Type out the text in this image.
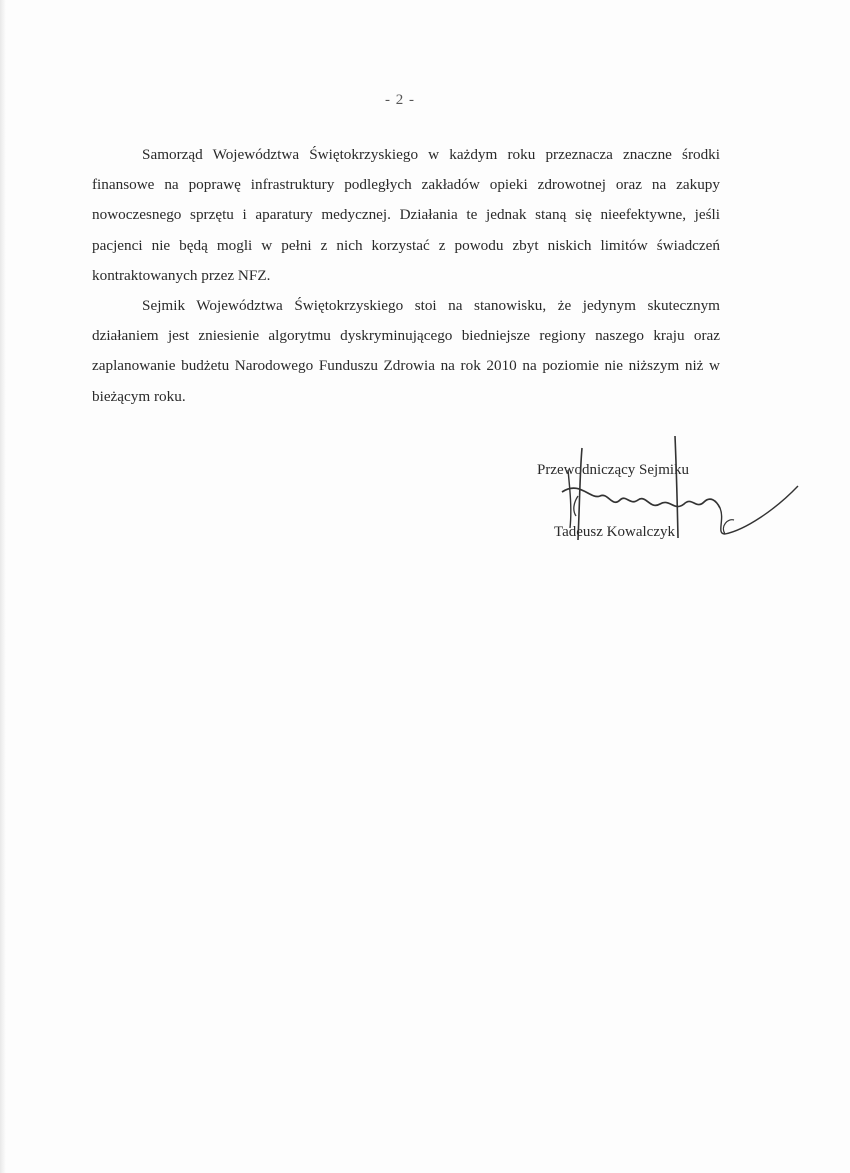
- 2 -

Samorząd Województwa Świętokrzyskiego w każdym roku przeznacza znaczne środki finansowe na poprawę infrastruktury podległych zakładów opieki zdrowotnej oraz na zakupy nowoczesnego sprzętu i aparatury medycznej. Działania te jednak staną się nieefektywne, jeśli pacjenci nie będą mogli w pełni z nich korzystać z powodu zbyt niskich limitów świadczeń kontraktowanych przez NFZ.

Sejmik Województwa Świętokrzyskiego stoi na stanowisku, że jedynym skutecznym działaniem jest zniesienie algorytmu dyskryminującego biedniejsze regiony naszego kraju oraz zaplanowanie budżetu Narodowego Funduszu Zdrowia na rok 2010 na poziomie nie niższym niż w bieżącym roku.

Przewodniczący Sejmiku
Tadeusz Kowalczyk
